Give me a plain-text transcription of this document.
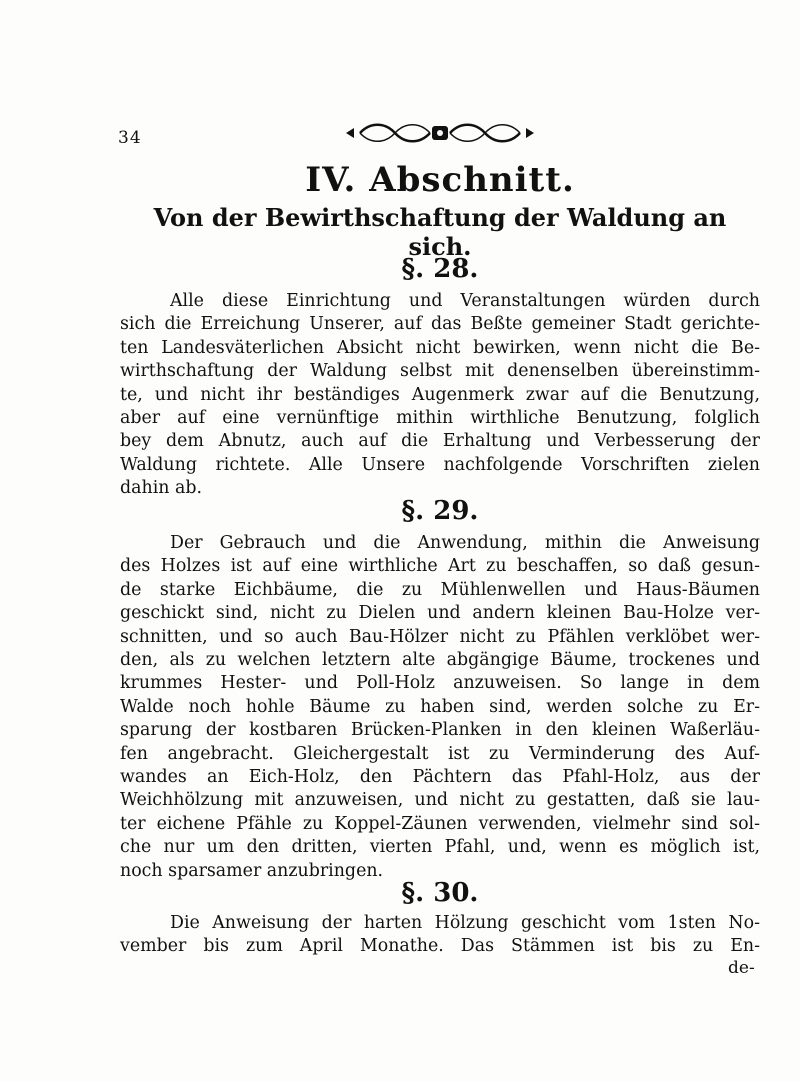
34
IV. Abschnitt.
Von der Bewirthschaftung der Waldung an sich.
§. 28.
Alle diese Einrichtung und Veranstaltungen würden durch
sich die Erreichung Unserer, auf das Beßte gemeiner Stadt gerichte-
ten Landesväterlichen Absicht nicht bewirken, wenn nicht die Be-
wirthschaftung der Waldung selbst mit denenselben übereinstimm-
te, und nicht ihr beständiges Augenmerk zwar auf die Benutzung,
aber auf eine vernünftige mithin wirthliche Benutzung, folglich
bey dem Abnutz, auch auf die Erhaltung und Verbesserung der
Waldung richtete. Alle Unsere nachfolgende Vorschriften zielen
dahin ab.
§. 29.
Der Gebrauch und die Anwendung, mithin die Anweisung
des Holzes ist auf eine wirthliche Art zu beschaffen, so daß gesun-
de starke Eichbäume, die zu Mühlenwellen und Haus-Bäumen
geschickt sind, nicht zu Dielen und andern kleinen Bau-Holze ver-
schnitten, und so auch Bau-Hölzer nicht zu Pfählen verklöbet wer-
den, als zu welchen letztern alte abgängige Bäume, trockenes und
krummes Hester- und Poll-Holz anzuweisen. So lange in dem
Walde noch hohle Bäume zu haben sind, werden solche zu Er-
sparung der kostbaren Brücken-Planken in den kleinen Waßerläu-
fen angebracht. Gleichergestalt ist zu Verminderung des Auf-
wandes an Eich-Holz, den Pächtern das Pfahl-Holz, aus der
Weichhölzung mit anzuweisen, und nicht zu gestatten, daß sie lau-
ter eichene Pfähle zu Koppel-Zäunen verwenden, vielmehr sind sol-
che nur um den dritten, vierten Pfahl, und, wenn es möglich ist,
noch sparsamer anzubringen.
§. 30.
Die Anweisung der harten Hölzung geschicht vom 1sten No-
vember bis zum April Monathe. Das Stämmen ist bis zu En-
de-
